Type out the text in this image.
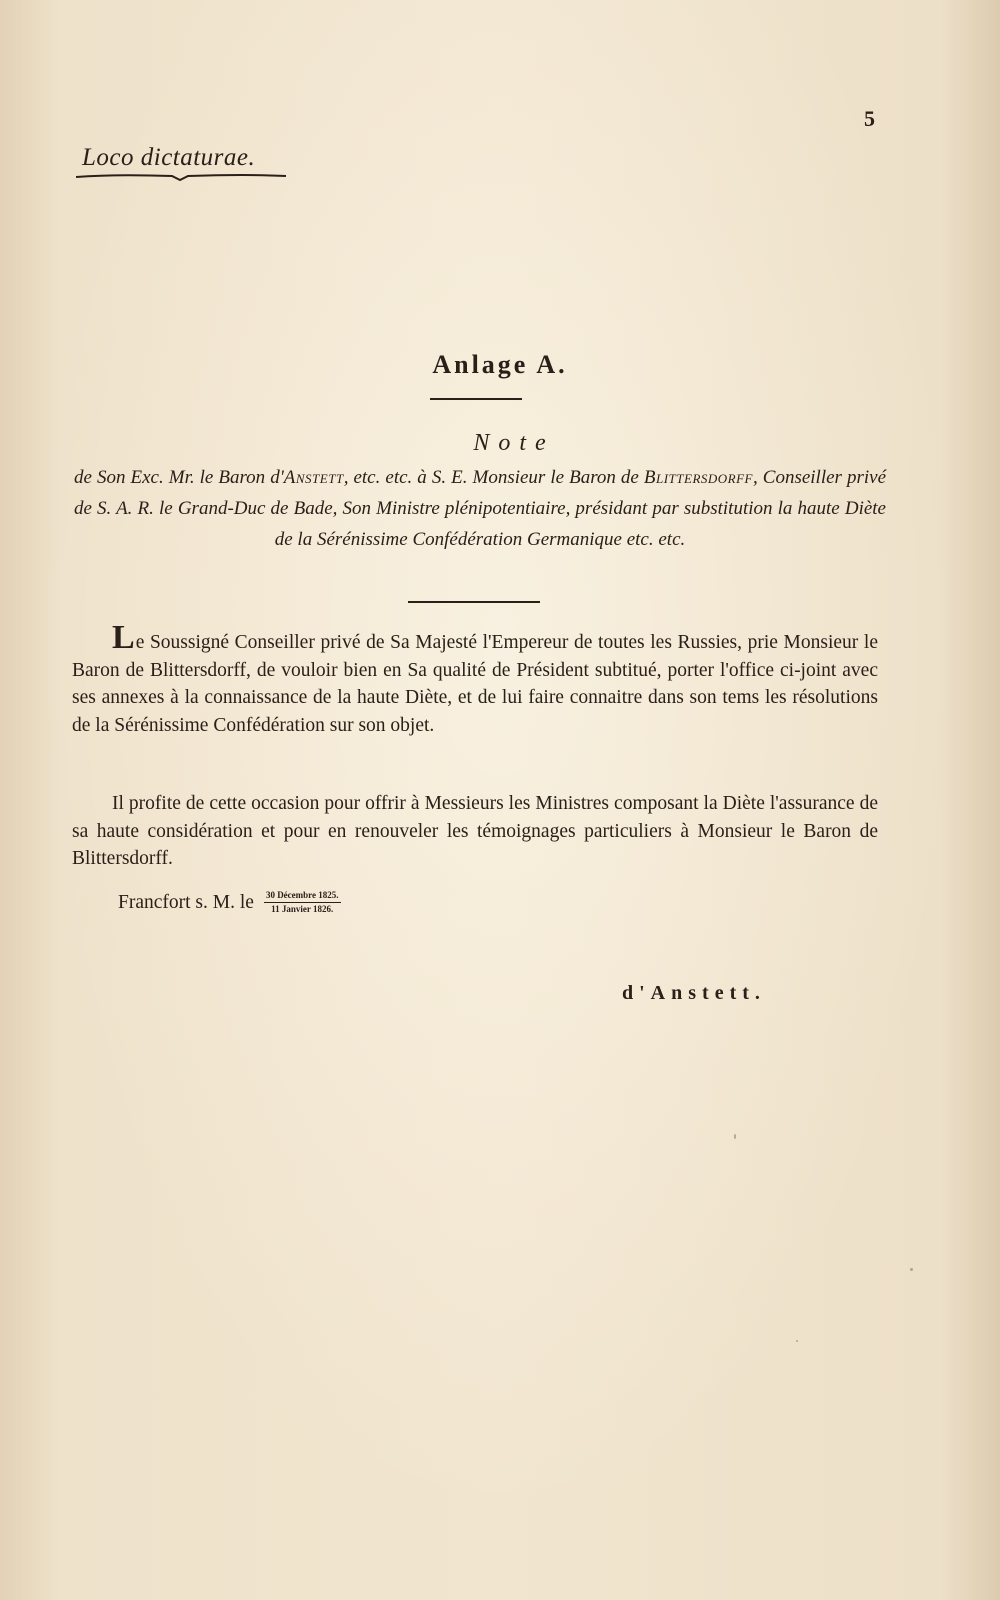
5
Loco dictaturae.
Anlage A.
Note
de Son Exc. Mr. le Baron d'Anstett, etc. etc. à S. E. Monsieur le Baron de Blittersdorff, Conseiller privé de S. A. R. le Grand-Duc de Bade, Son Ministre plénipotentiaire, présidant par substitution la haute Diète de la Sérénissime Confédération Germanique etc. etc.
Le Soussigné Conseiller privé de Sa Majesté l'Empereur de toutes les Russies, prie Monsieur le Baron de Blittersdorff, de vouloir bien en Sa qualité de Président subtitué, porter l'office ci-joint avec ses annexes à la connaissance de la haute Diète, et de lui faire connaitre dans son tems les résolutions de la Sérénissime Confédération sur son objet.
Il profite de cette occasion pour offrir à Messieurs les Ministres composant la Diète l'assurance de sa haute considération et pour en renouveler les témoignages particuliers à Monsieur le Baron de Blittersdorff.
Francfort s. M. le $\frac{\text{30 Décembre 1825.}}{\text{11 Janvier 1826.}}$
d'Anstett.
